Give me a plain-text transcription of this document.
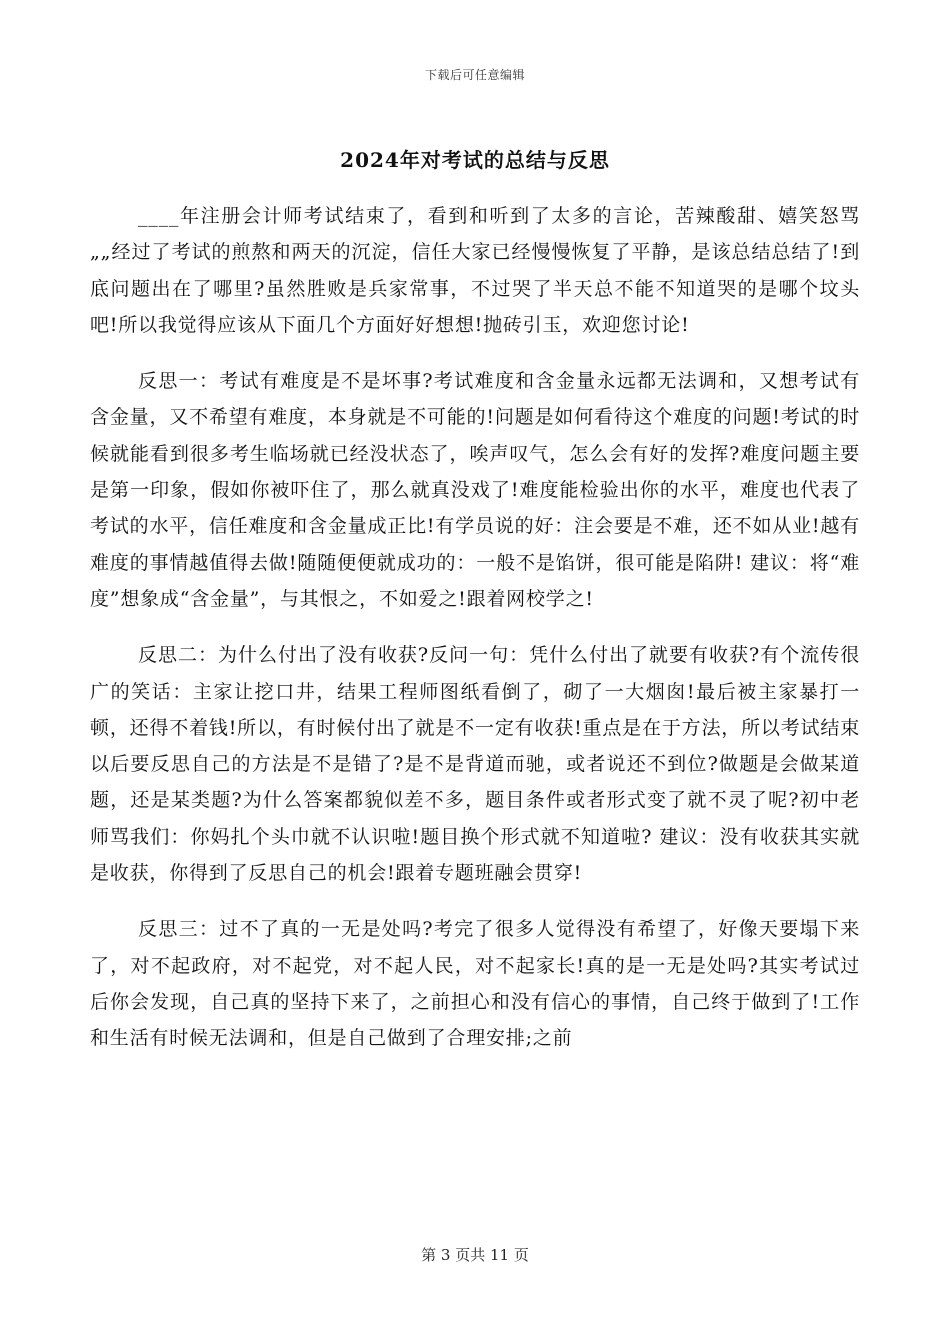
下载后可任意编辑
2024年对考试的总结与反思

____年注册会计师考试结束了，看到和听到了太多的言论，苦辣酸甜、嬉笑怒骂„„经过了考试的煎熬和两天的沉淀，信任大家已经慢慢恢复了平静，是该总结总结了!到底问题出在了哪里?虽然胜败是兵家常事，不过哭了半天总不能不知道哭的是哪个坟头吧!所以我觉得应该从下面几个方面好好想想!抛砖引玉，欢迎您讨论!

反思一：考试有难度是不是坏事?考试难度和含金量永远都无法调和，又想考试有含金量，又不希望有难度，本身就是不可能的!问题是如何看待这个难度的问题!考试的时候就能看到很多考生临场就已经没状态了，唉声叹气，怎么会有好的发挥?难度问题主要是第一印象，假如你被吓住了，那么就真没戏了!难度能检验出你的水平，难度也代表了考试的水平，信任难度和含金量成正比!有学员说的好：注会要是不难，还不如从业!越有难度的事情越值得去做!随随便便就成功的：一般不是馅饼，很可能是陷阱! 建议：将“难度”想象成“含金量”，与其恨之，不如爱之!跟着网校学之!

反思二：为什么付出了没有收获?反问一句：凭什么付出了就要有收获?有个流传很广的笑话：主家让挖口井，结果工程师图纸看倒了，砌了一大烟囱!最后被主家暴打一顿，还得不着钱!所以，有时候付出了就是不一定有收获!重点是在于方法，所以考试结束以后要反思自己的方法是不是错了?是不是背道而驰，或者说还不到位?做题是会做某道题，还是某类题?为什么答案都貌似差不多，题目条件或者形式变了就不灵了呢?初中老师骂我们：你妈扎个头巾就不认识啦!题目换个形式就不知道啦? 建议：没有收获其实就是收获，你得到了反思自己的机会!跟着专题班融会贯穿!

反思三：过不了真的一无是处吗?考完了很多人觉得没有希望了，好像天要塌下来了，对不起政府，对不起党，对不起人民，对不起家长!真的是一无是处吗?其实考试过后你会发现，自己真的坚持下来了，之前担心和没有信心的事情，自己终于做到了!工作和生活有时候无法调和，但是自己做到了合理安排;之前

第 3 页共 11 页
